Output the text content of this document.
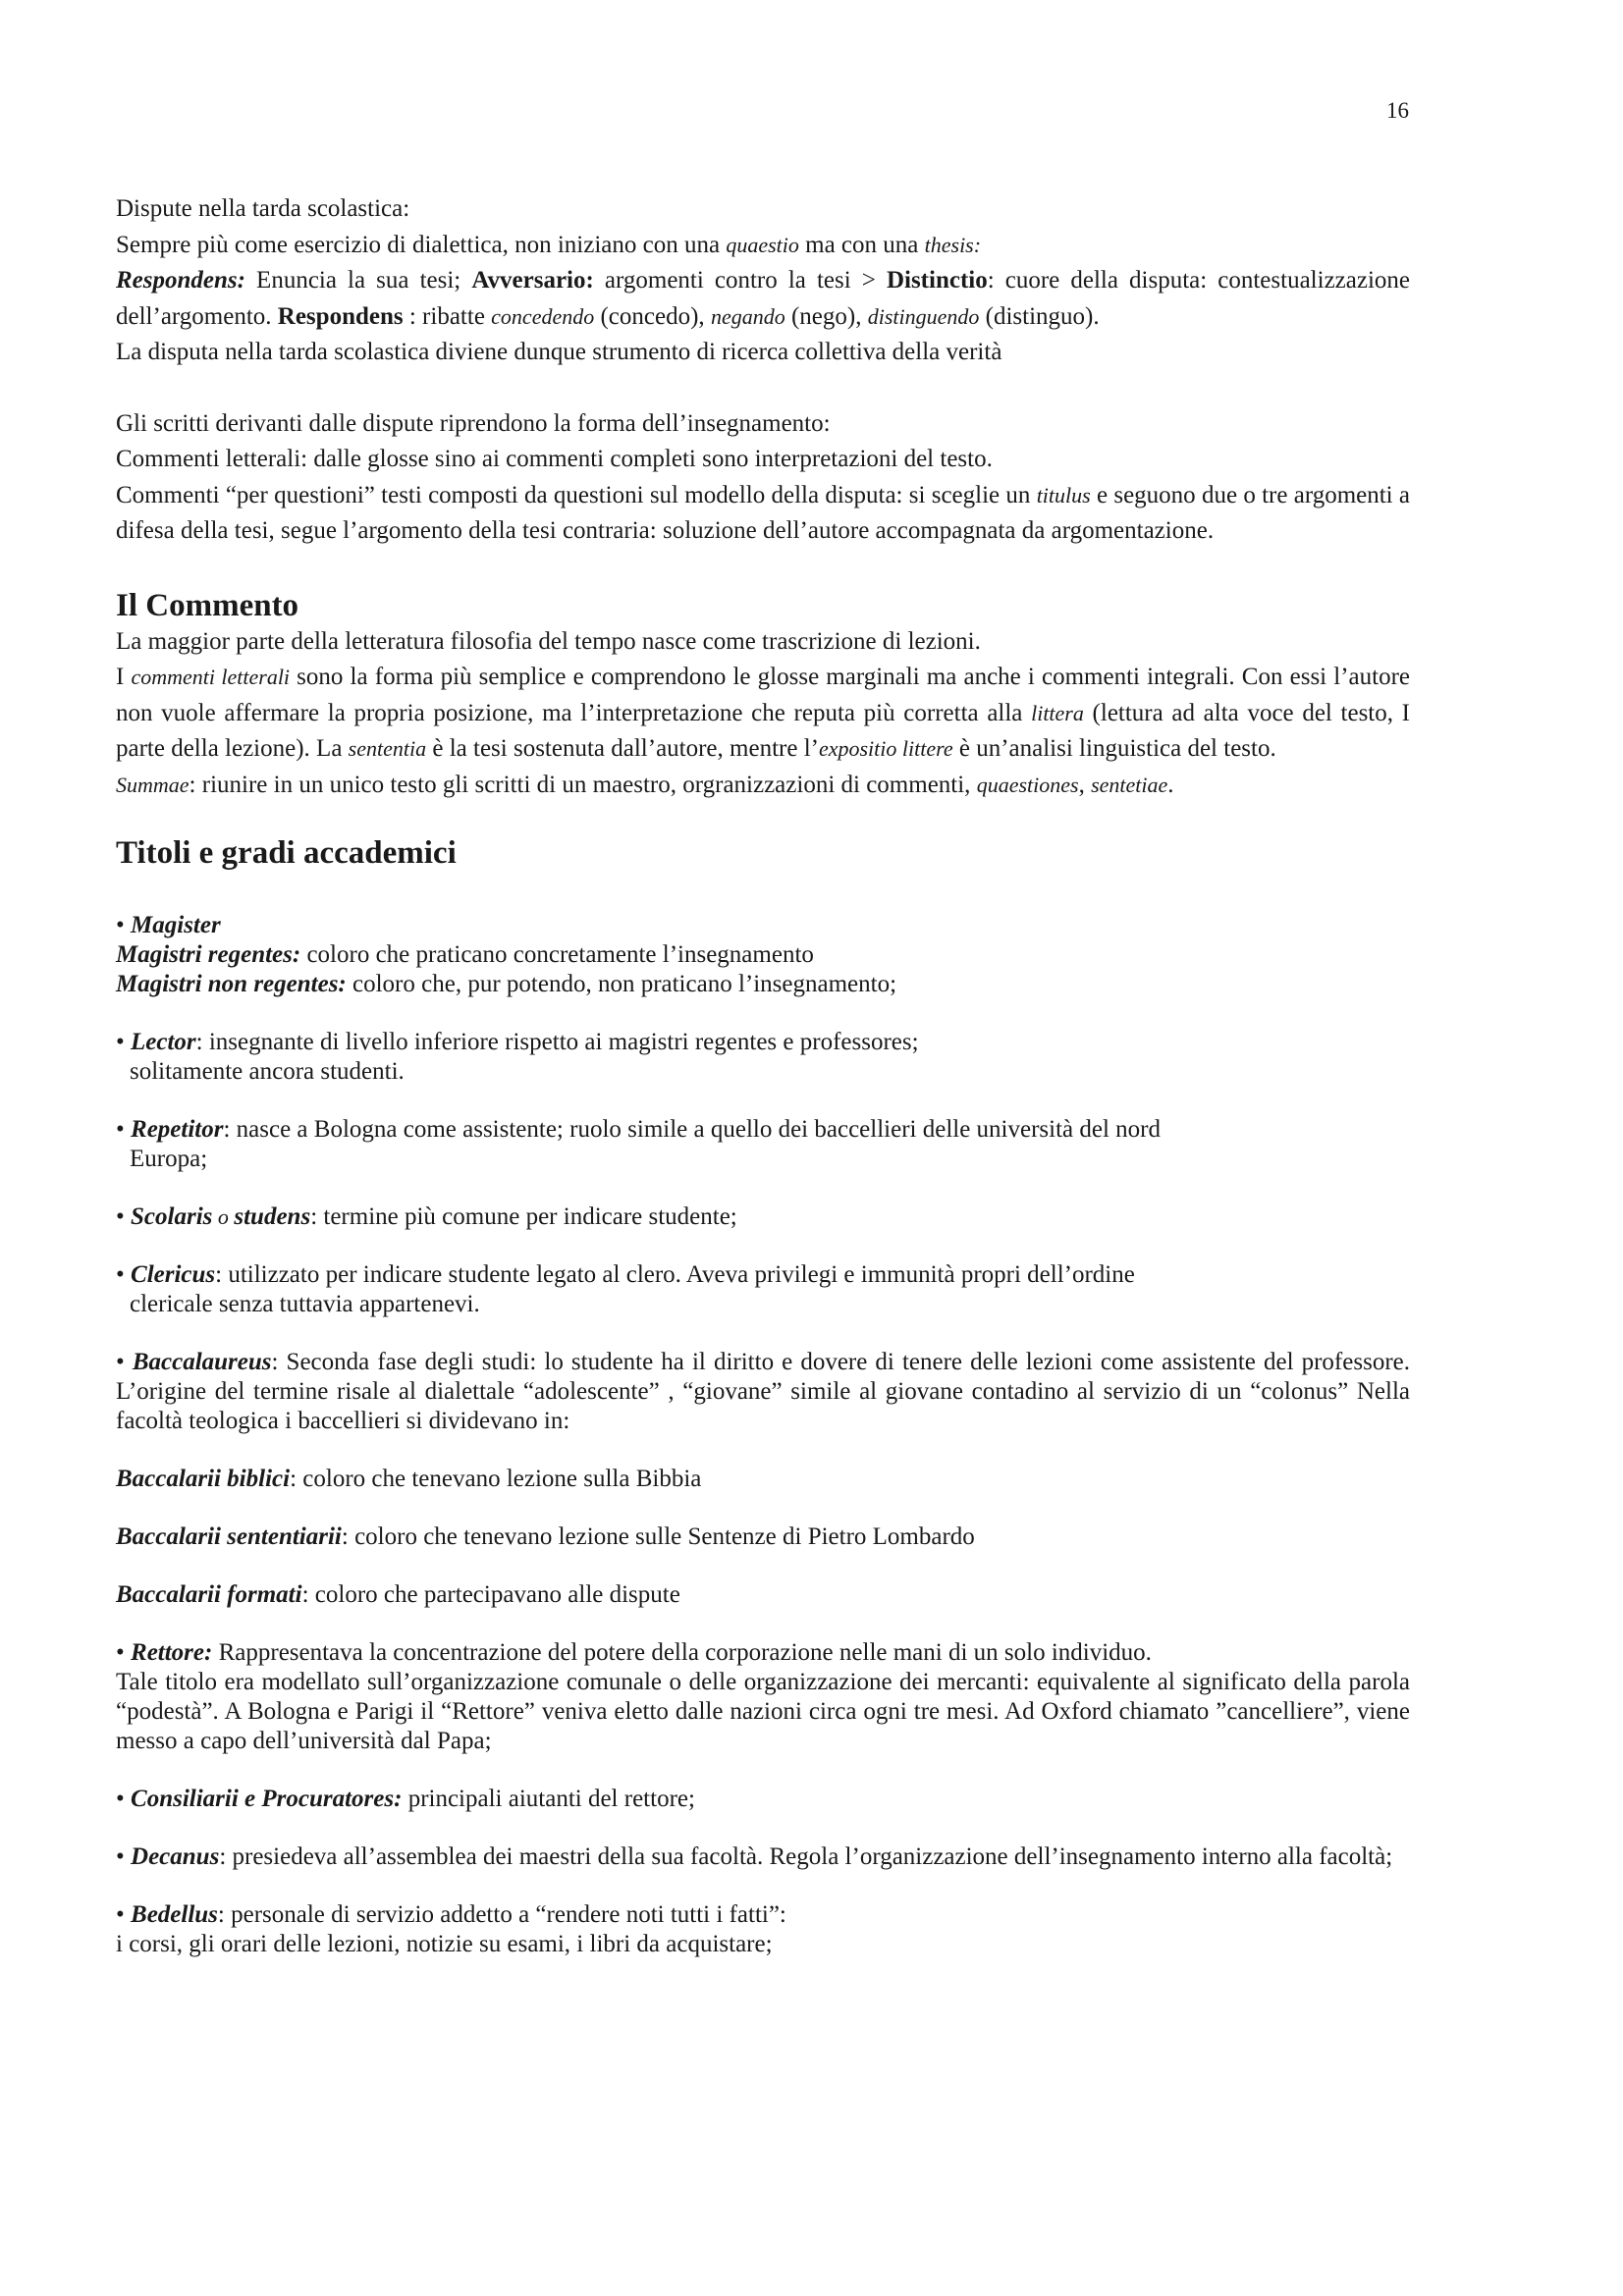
16

Dispute nella tarda scolastica:

Sempre più come esercizio di dialettica, non iniziano con una quaestio ma con una thesis:

Respondens: Enuncia la sua tesi; Avversario: argomenti contro la tesi > Distinctio: cuore della disputa: contestualizzazione dell’argomento. Respondens : ribatte concedendo (concedo), negando (nego), distinguendo (distinguo).

La disputa nella tarda scolastica diviene dunque strumento di ricerca collettiva della verità

Gli scritti derivanti dalle dispute riprendono la forma dell’insegnamento:

Commenti letterali: dalle glosse sino ai commenti completi sono interpretazioni del testo.

Commenti “per questioni” testi composti da questioni sul modello della disputa: si sceglie un titulus e seguono due o tre argomenti a difesa della tesi, segue l’argomento della tesi contraria: soluzione dell’autore accompagnata da argomentazione.

Il Commento

La maggior parte della letteratura filosofia del tempo nasce come trascrizione di lezioni.

I commenti letterali sono la forma più semplice e comprendono le glosse marginali ma anche i commenti integrali. Con essi l’autore non vuole affermare la propria posizione, ma l’interpretazione che reputa più corretta alla littera (lettura ad alta voce del testo, I parte della lezione). La sententia è la tesi sostenuta dall’autore, mentre l’expositio littere è un’analisi linguistica del testo.

Summae: riunire in un unico testo gli scritti di un maestro, orgranizzazioni di commenti, quaestiones, sentetiae.

Titoli e gradi accademici

• Magister

Magistri regentes: coloro che praticano concretamente l’insegnamento

Magistri non regentes: coloro che, pur potendo, non praticano l’insegnamento;

• Lector: insegnante di livello inferiore rispetto ai magistri regentes e professores;

solitamente ancora studenti.

• Repetitor: nasce a Bologna come assistente; ruolo simile a quello dei baccellieri delle università del nord

Europa;

• Scolaris o studens: termine più comune per indicare studente;

• Clericus: utilizzato per indicare studente legato al clero. Aveva privilegi e immunità propri dell’ordine

clericale senza tuttavia appartenevi.

• Baccalaureus: Seconda fase degli studi: lo studente ha il diritto e dovere di tenere delle lezioni come assistente del professore. L’origine del termine risale al dialettale “adolescente” , “giovane” simile al giovane contadino al servizio di un “colonus” Nella facoltà teologica i baccellieri si dividevano in:

Baccalarii biblici: coloro che tenevano lezione sulla Bibbia

Baccalarii sententiarii: coloro che tenevano lezione sulle Sentenze di Pietro Lombardo

Baccalarii formati: coloro che partecipavano alle dispute

• Rettore: Rappresentava la concentrazione del potere della corporazione nelle mani di un solo individuo.

Tale titolo era modellato sull’organizzazione comunale o delle organizzazione dei mercanti: equivalente al significato della parola “podestà”. A Bologna e Parigi il “Rettore” veniva eletto dalle nazioni circa ogni tre mesi. Ad Oxford chiamato ”cancelliere”, viene messo a capo dell’università dal Papa;

• Consiliarii e Procuratores: principali aiutanti del rettore;

• Decanus: presiedeva all’assemblea dei maestri della sua facoltà. Regola l’organizzazione dell’insegnamento interno alla facoltà;

• Bedellus: personale di servizio addetto a “rendere noti tutti i fatti”:

i corsi, gli orari delle lezioni, notizie su esami, i libri da acquistare;
